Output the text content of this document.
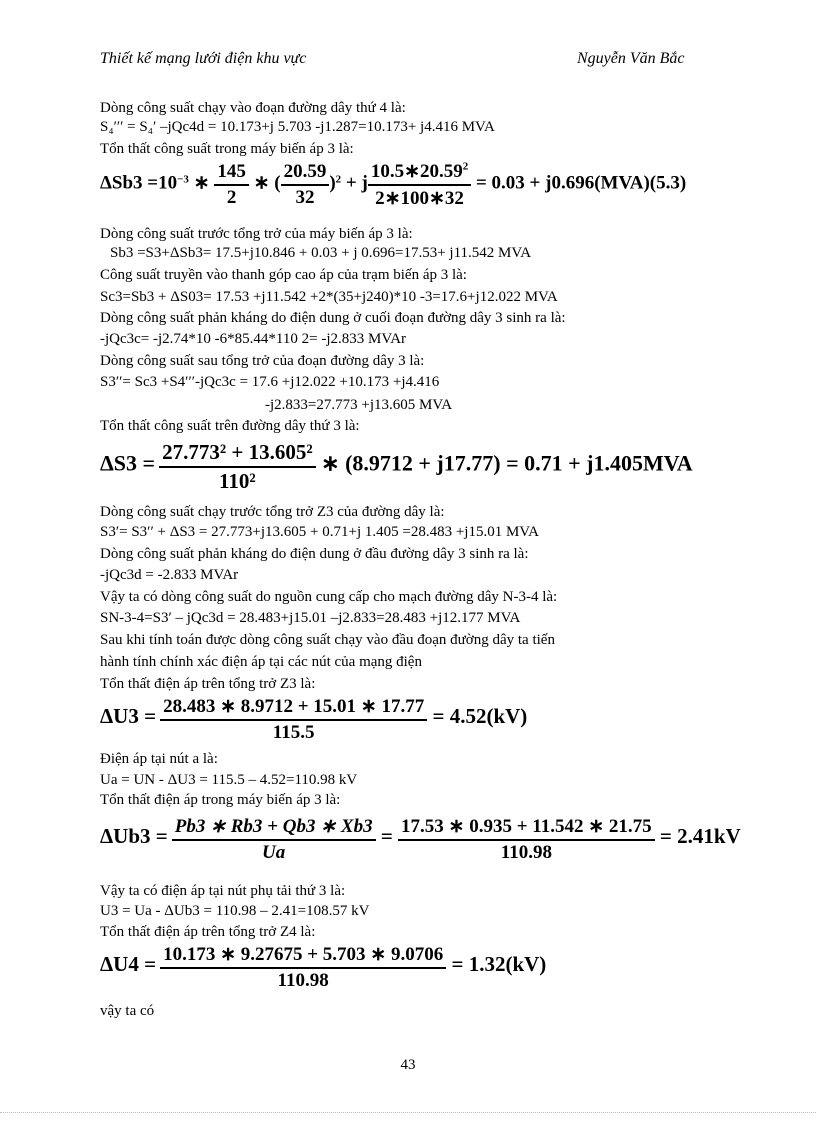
Thiết kế mạng lưới điện khu vực	Nguyễn Văn Bắc
Dòng công suất chạy vào đoạn đường dây thứ 4 là:
S₄ʹʹʹ = S₄ʹ –jQc4d = 10.173+j 5.703 -j1.287=10.173+ j4.416 MVA
Tổn thất công suất trong máy biến áp 3 là:
$\Delta Sb3 =10^{-3}$ ∗ $\frac{145}{2}$ ∗ ( $\frac{20.59}{32} )^2 + j \frac{10.5∗20.59^2}{2∗100∗32} = 0.03 + j0.696(MVA)(5.3)$
Dòng công suất trước tổng trở của máy biến áp 3 là:
Sb3 =S3+ΔSb3= 17.5+j10.846 + 0.03 + j 0.696=17.53+ j11.542 MVA
Công suất truyền vào thanh góp cao áp của trạm biến áp 3 là:
Sc3=Sb3 + ΔS03= 17.53 +j11.542 +2*(35+j240)*10 -3=17.6+j12.022 MVA
Dòng công suất phản kháng do điện dung ở cuối đoạn đường dây 3 sinh ra là:
-jQc3c= -j2.74*10 -6*85.44*110 2= -j2.833 MVAr
Dòng công suất sau tổng trở của đoạn đường dây 3 là:
S3ʹʹ= Sc3 +S4ʹʹʹ-jQc3c = 17.6 +j12.022 +10.173 +j4.416
-j2.833=27.773 +j13.605 MVA
Tổn thất công suất trên đường dây thứ 3 là:
$\Delta S3 = \frac{\text{27.773² + 13.605²}}{\text{110²}}$ ∗ (8.9712 + j17.77) = 0.71 + j1.405MVA
Dòng công suất chạy trước tổng trở Z3 của đường dây là:
S3ʹ= S3ʹʹ + ΔS3 = 27.773+j13.605 + 0.71+j 1.405 =28.483 +j15.01 MVA
Dòng công suất phản kháng do điện dung ở đầu đường dây 3 sinh ra là:
-jQc3d = -2.833 MVAr
Vậy ta có dòng công suất do nguồn cung cấp cho mạch đường dây N-3-4 là:
SN-3-4=S3ʹ – jQc3d = 28.483+j15.01 –j2.833=28.483 +j12.177 MVA
Sau khi tính toán được dòng công suất chạy vào đầu đoạn đường dây ta tiến
hành tính chính xác điện áp tại các nút của mạng điện
Tổn thất điện áp trên tổng trở Z3 là:
$\Delta U3 = \frac{28.483 ∗ 8.9712 + 15.01 ∗ 17.77}{115.5} = 4.52(kV)$
Điện áp tại nút a là:
Ua = UN - ΔU3 = 115.5 – 4.52=110.98 kV
Tổn thất điện áp trong máy biến áp 3 là:
$\Delta Ub3 = \frac{Pb3 ∗ Rb3 + Qb3 ∗ Xb3}{Ua} = \frac{17.53 ∗ 0.935 + 11.542 ∗ 21.75}{110.98} = 2.41kV$
Vậy ta có điện áp tại nút phụ tải thứ 3 là:
U3 = Ua - ΔUb3 = 110.98 – 2.41=108.57 kV
Tổn thất điện áp trên tổng trở Z4 là:
$\Delta U4 = \frac{10.173 ∗ 9.27675 + 5.703 ∗ 9.0706}{110.98} = 1.32(kV)$
vậy ta có
43
